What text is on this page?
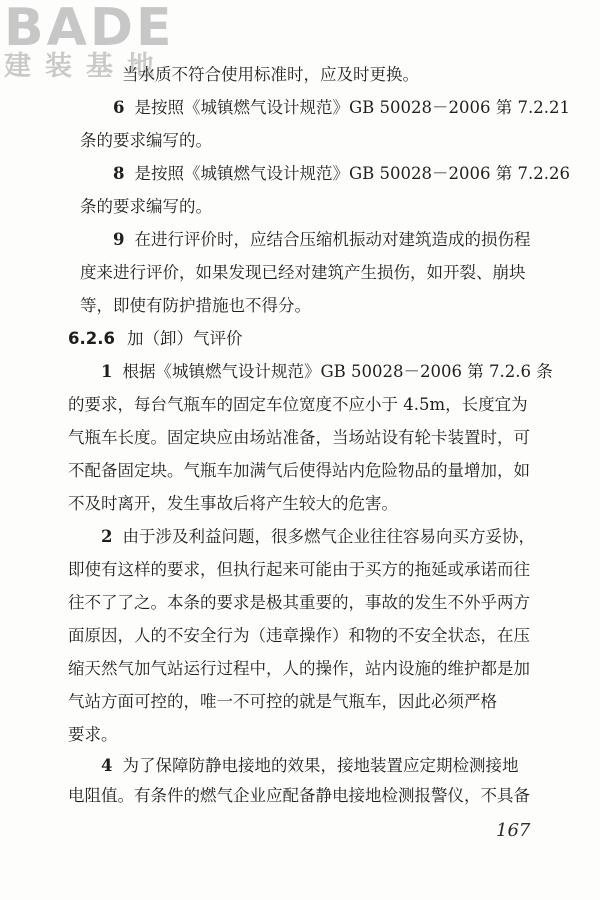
BADE
建装基地

当水质不符合使用标准时，应及时更换。

6 是按照《城镇燃气设计规范》GB 50028－2006 第 7.2.21
条的要求编写的。

8 是按照《城镇燃气设计规范》GB 50028－2006 第 7.2.26
条的要求编写的。

9 在进行评价时，应结合压缩机振动对建筑造成的损伤程
度来进行评价，如果发现已经对建筑产生损伤，如开裂、崩块
等，即使有防护措施也不得分。

6.2.6 加（卸）气评价

1 根据《城镇燃气设计规范》GB 50028－2006 第 7.2.6 条
的要求，每台气瓶车的固定车位宽度不应小于 4.5m，长度宜为
气瓶车长度。固定块应由场站准备，当场站设有轮卡装置时，可
不配备固定块。气瓶车加满气后使得站内危险物品的量增加，如
不及时离开，发生事故后将产生较大的危害。

2 由于涉及利益问题，很多燃气企业往往容易向买方妥协，
即使有这样的要求，但执行起来可能由于买方的拖延或承诺而往
往不了了之。本条的要求是极其重要的，事故的发生不外乎两方
面原因，人的不安全行为（违章操作）和物的不安全状态，在压
缩天然气加气站运行过程中，人的操作，站内设施的维护都是加
气站方面可控的，唯一不可控的就是气瓶车，因此必须严格
要求。

4 为了保障防静电接地的效果，接地装置应定期检测接地
电阻值。有条件的燃气企业应配备静电接地检测报警仪，不具备

167
